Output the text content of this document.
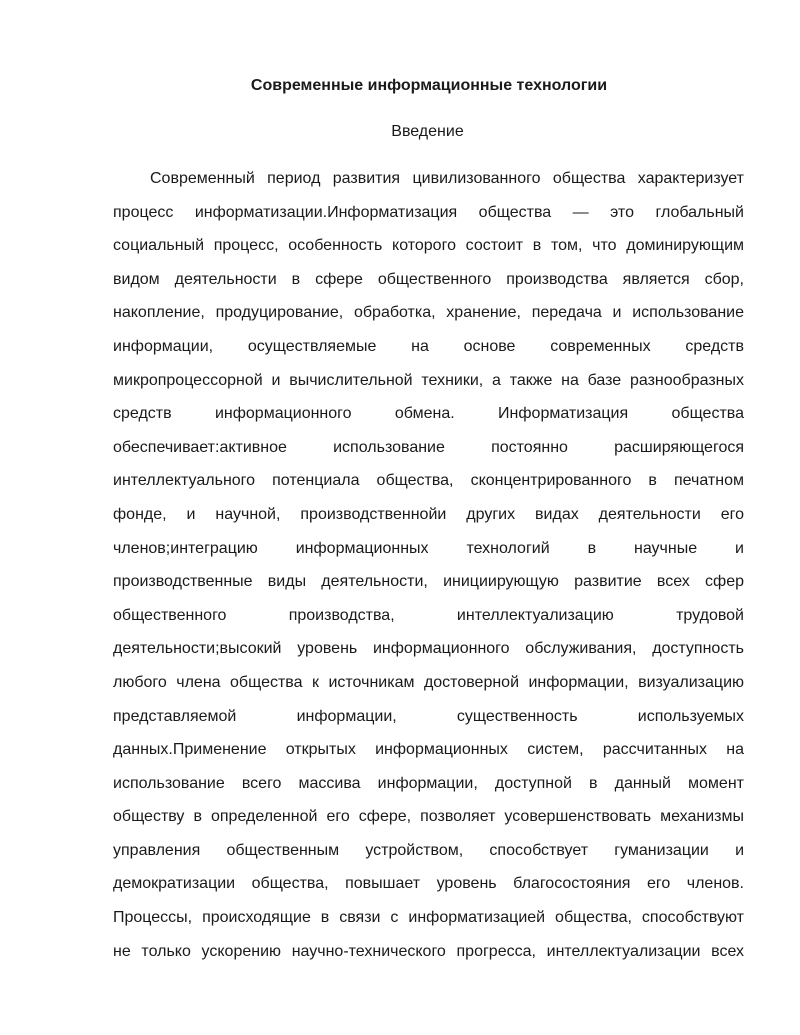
Современные информационные технологии
Введение
Современный период развития цивилизованного общества характеризует
процесс информатизации.Информатизация общества — это глобальный
социальный процесс, особенность которого состоит в том, что доминирующим
видом деятельности в сфере общественного производства является сбор,
накопление, продуцирование, обработка, хранение, передача и использование
информации, осуществляемые на основе современных средств
микропроцессорной и вычислительной техники, а также на базе разнообразных
средств информационного обмена. Информатизация общества
обеспечивает:активное использование постоянно расширяющегося
интеллектуального потенциала общества, сконцентрированного в печатном
фонде, и научной, производственнойи других видах деятельности его
членов;интеграцию информационных технологий в научные и
производственные виды деятельности, инициирующую развитие всех сфер
общественного производства, интеллектуализацию трудовой
деятельности;высокий уровень информационного обслуживания, доступность
любого члена общества к источникам достоверной информации, визуализацию
представляемой информации, существенность используемых
данных.Применение открытых информационных систем, рассчитанных на
использование всего массива информации, доступной в данный момент
обществу в определенной его сфере, позволяет усовершенствовать механизмы
управления общественным устройством, способствует гуманизации и
демократизации общества, повышает уровень благосостояния его членов.
Процессы, происходящие в связи с информатизацией общества, способствуют
не только ускорению научно-технического прогресса, интеллектуализации всех
